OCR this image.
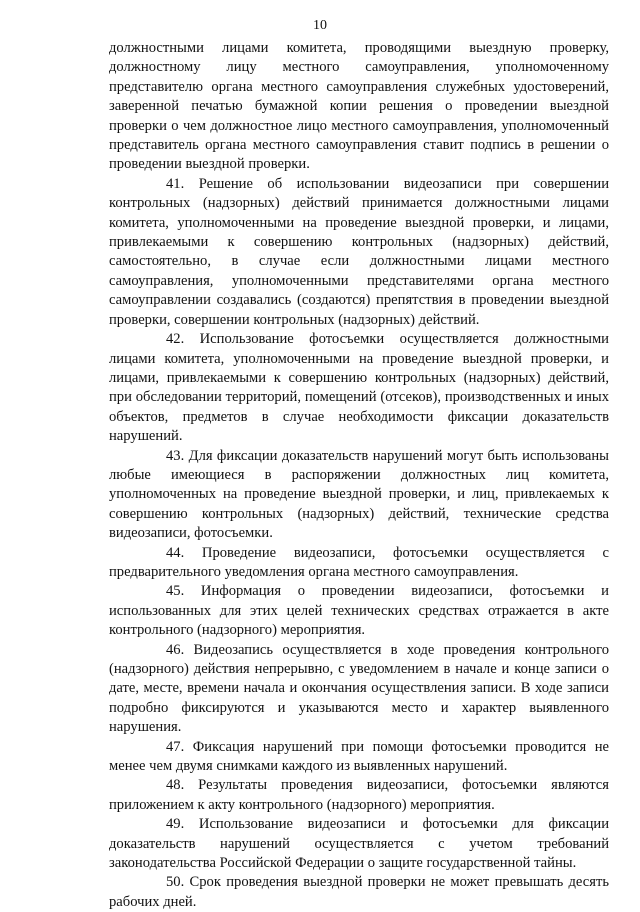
10

должностными лицами комитета, проводящими выездную проверку, должностному лицу местного самоуправления, уполномоченному представителю органа местного самоуправления служебных удостоверений, заверенной печатью бумажной копии решения о проведении выездной проверки о чем должностное лицо местного самоуправления, уполномоченный представитель органа местного самоуправления ставит подпись в решении о проведении выездной проверки.

41. Решение об использовании видеозаписи при совершении контрольных (надзорных) действий принимается должностными лицами комитета, уполномоченными на проведение выездной проверки, и лицами, привлекаемыми к совершению контрольных (надзорных) действий, самостоятельно, в случае если должностными лицами местного самоуправления, уполномоченными представителями органа местного самоуправлении создавались (создаются) препятствия в проведении выездной проверки, совершении контрольных (надзорных) действий.

42. Использование фотосъемки осуществляется должностными лицами комитета, уполномоченными на проведение выездной проверки, и лицами, привлекаемыми к совершению контрольных (надзорных) действий, при обследовании территорий, помещений (отсеков), производственных и иных объектов, предметов в случае необходимости фиксации доказательств нарушений.

43. Для фиксации доказательств нарушений могут быть использованы любые имеющиеся в распоряжении должностных лиц комитета, уполномоченных на проведение выездной проверки, и лиц, привлекаемых к совершению контрольных (надзорных) действий, технические средства видеозаписи, фотосъемки.

44. Проведение видеозаписи, фотосъемки осуществляется с предварительного уведомления органа местного самоуправления.

45. Информация о проведении видеозаписи, фотосъемки и использованных для этих целей технических средствах отражается в акте контрольного (надзорного) мероприятия.

46. Видеозапись осуществляется в ходе проведения контрольного (надзорного) действия непрерывно, с уведомлением в начале и конце записи о дате, месте, времени начала и окончания осуществления записи. В ходе записи подробно фиксируются и указываются место и характер выявленного нарушения.

47. Фиксация нарушений при помощи фотосъемки проводится не менее чем двумя снимками каждого из выявленных нарушений.

48. Результаты проведения видеозаписи, фотосъемки являются приложением к акту контрольного (надзорного) мероприятия.

49. Использование видеозаписи и фотосъемки для фиксации доказательств нарушений осуществляется с учетом требований законодательства Российской Федерации о защите государственной тайны.

50. Срок проведения выездной проверки не может превышать десять рабочих дней.
